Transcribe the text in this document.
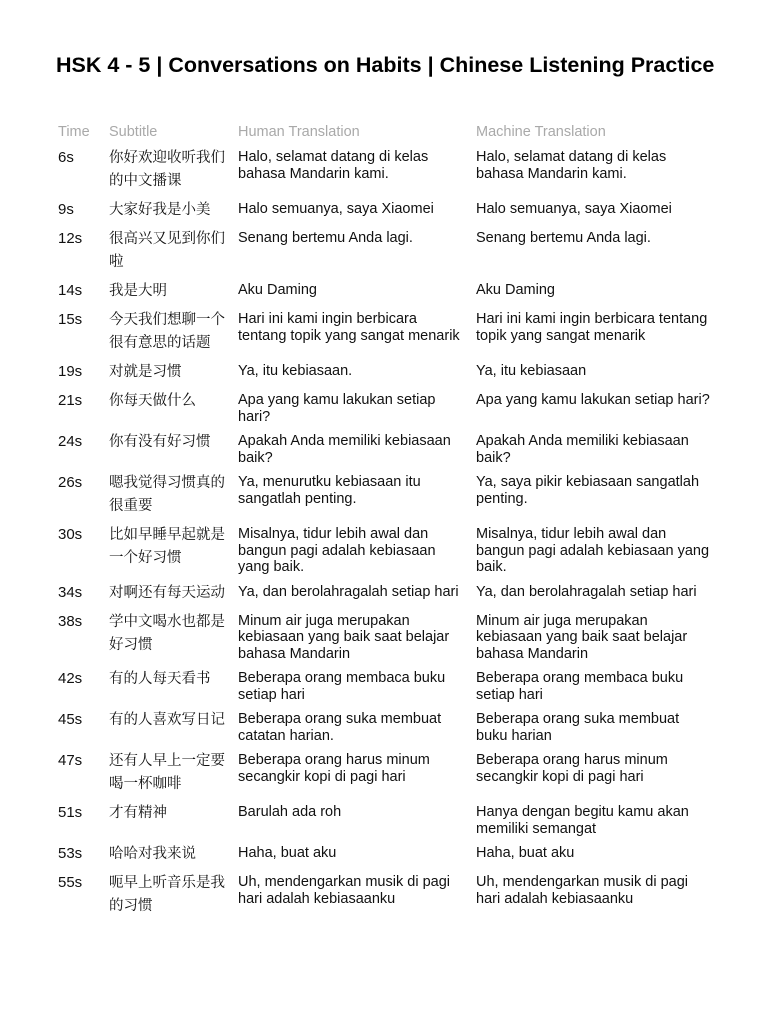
HSK 4 - 5 | Conversations on Habits | Chinese Listening Practice
Time	Subtitle	Human Translation	Machine Translation
6s	你好欢迎收听我们的中文播课	Halo, selamat datang di kelas bahasa Mandarin kami.	Halo, selamat datang di kelas bahasa Mandarin kami.
9s	大家好我是小美	Halo semuanya, saya Xiaomei	Halo semuanya, saya Xiaomei
12s	很高兴又见到你们啦	Senang bertemu Anda lagi.	Senang bertemu Anda lagi.
14s	我是大明	Aku Daming	Aku Daming
15s	今天我们想聊一个很有意思的话题	Hari ini kami ingin berbicara tentang topik yang sangat menarik	Hari ini kami ingin berbicara tentang topik yang sangat menarik
19s	对就是习惯	Ya, itu kebiasaan.	Ya, itu kebiasaan
21s	你每天做什么	Apa yang kamu lakukan setiap hari?	Apa yang kamu lakukan setiap hari?
24s	你有没有好习惯	Apakah Anda memiliki kebiasaan baik?	Apakah Anda memiliki kebiasaan baik?
26s	嗯我觉得习惯真的很重要	Ya, menurutku kebiasaan itu sangatlah penting.	Ya, saya pikir kebiasaan sangatlah penting.
30s	比如早睡早起就是一个好习惯	Misalnya, tidur lebih awal dan bangun pagi adalah kebiasaan yang baik.	Misalnya, tidur lebih awal dan bangun pagi adalah kebiasaan yang baik.
34s	对啊还有每天运动	Ya, dan berolahragalah setiap hari	Ya, dan berolahragalah setiap hari
38s	学中文喝水也都是好习惯	Minum air juga merupakan kebiasaan yang baik saat belajar bahasa Mandarin	Minum air juga merupakan kebiasaan yang baik saat belajar bahasa Mandarin
42s	有的人每天看书	Beberapa orang membaca buku setiap hari	Beberapa orang membaca buku setiap hari
45s	有的人喜欢写日记	Beberapa orang suka membuat catatan harian.	Beberapa orang suka membuat buku harian
47s	还有人早上一定要喝一杯咖啡	Beberapa orang harus minum secangkir kopi di pagi hari	Beberapa orang harus minum secangkir kopi di pagi hari
51s	才有精神	Barulah ada roh	Hanya dengan begitu kamu akan memiliki semangat
53s	哈哈对我来说	Haha, buat aku	Haha, buat aku
55s	呃早上听音乐是我的习惯	Uh, mendengarkan musik di pagi hari adalah kebiasaanku	Uh, mendengarkan musik di pagi hari adalah kebiasaanku
